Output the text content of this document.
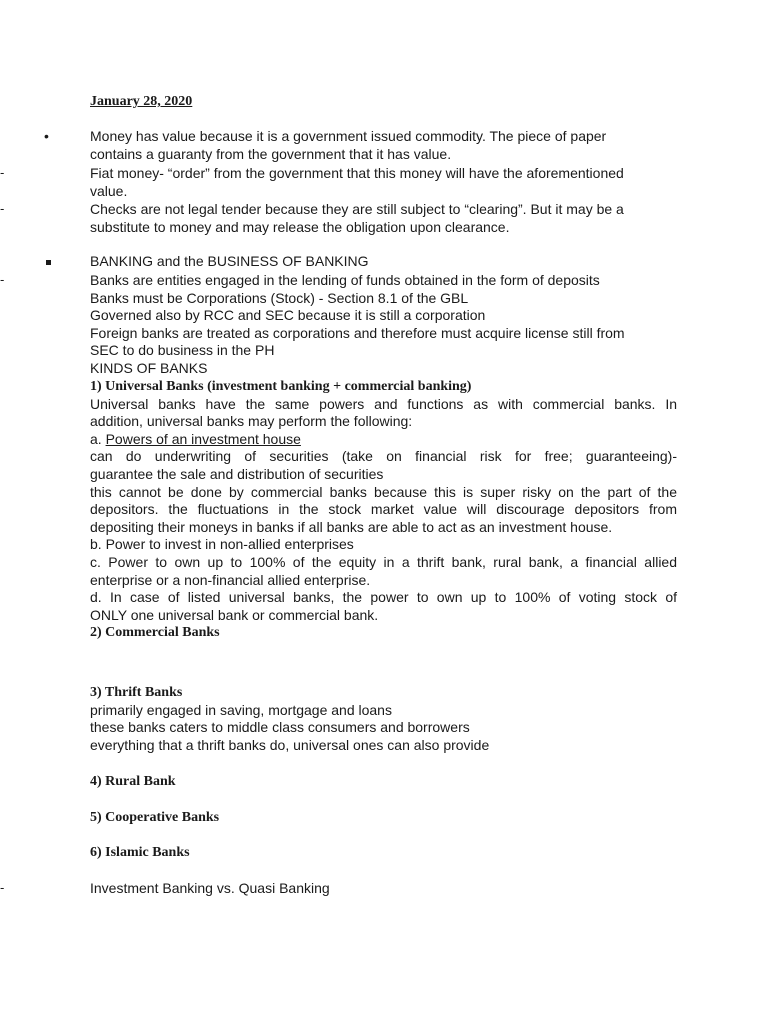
January 28, 2020
•	Money has value because it is a government issued commodity. The piece of paper
contains a guaranty from the government that it has value.
-	Fiat money- “order” from the government that this money will have the aforementioned
value.
-	Checks are not legal tender because they are still subject to “clearing”. But it may be a
substitute to money and may release the obligation upon clearance.
BANKING and the BUSINESS OF BANKING
-	Banks are entities engaged in the lending of funds obtained in the form of deposits
Banks must be Corporations (Stock) - Section 8.1 of the GBL
Governed also by RCC and SEC because it is still a corporation
Foreign banks are treated as corporations and therefore must acquire license still from
SEC to do business in the PH
KINDS OF BANKS
1) Universal Banks (investment banking + commercial banking)
Universal banks have the same powers and functions as with commercial banks. In
addition, universal banks may perform the following:
a. Powers of an investment house
can do underwriting of securities (take on financial risk for free; guaranteeing)-
guarantee the sale and distribution of securities
this cannot be done by commercial banks because this is super risky on the part of the
depositors. the fluctuations in the stock market value will discourage depositors from
depositing their moneys in banks if all banks are able to act as an investment house.
b. Power to invest in non-allied enterprises
c. Power to own up to 100% of the equity in a thrift bank, rural bank, a financial allied
enterprise or a non-financial allied enterprise.
d. In case of listed universal banks, the power to own up to 100% of voting stock of
ONLY one universal bank or commercial bank.
2) Commercial Banks
3) Thrift Banks
primarily engaged in saving, mortgage and loans
these banks caters to middle class consumers and borrowers
everything that a thrift banks do, universal ones can also provide
4) Rural Bank
5) Cooperative Banks
6) Islamic Banks
-	Investment Banking vs. Quasi Banking
